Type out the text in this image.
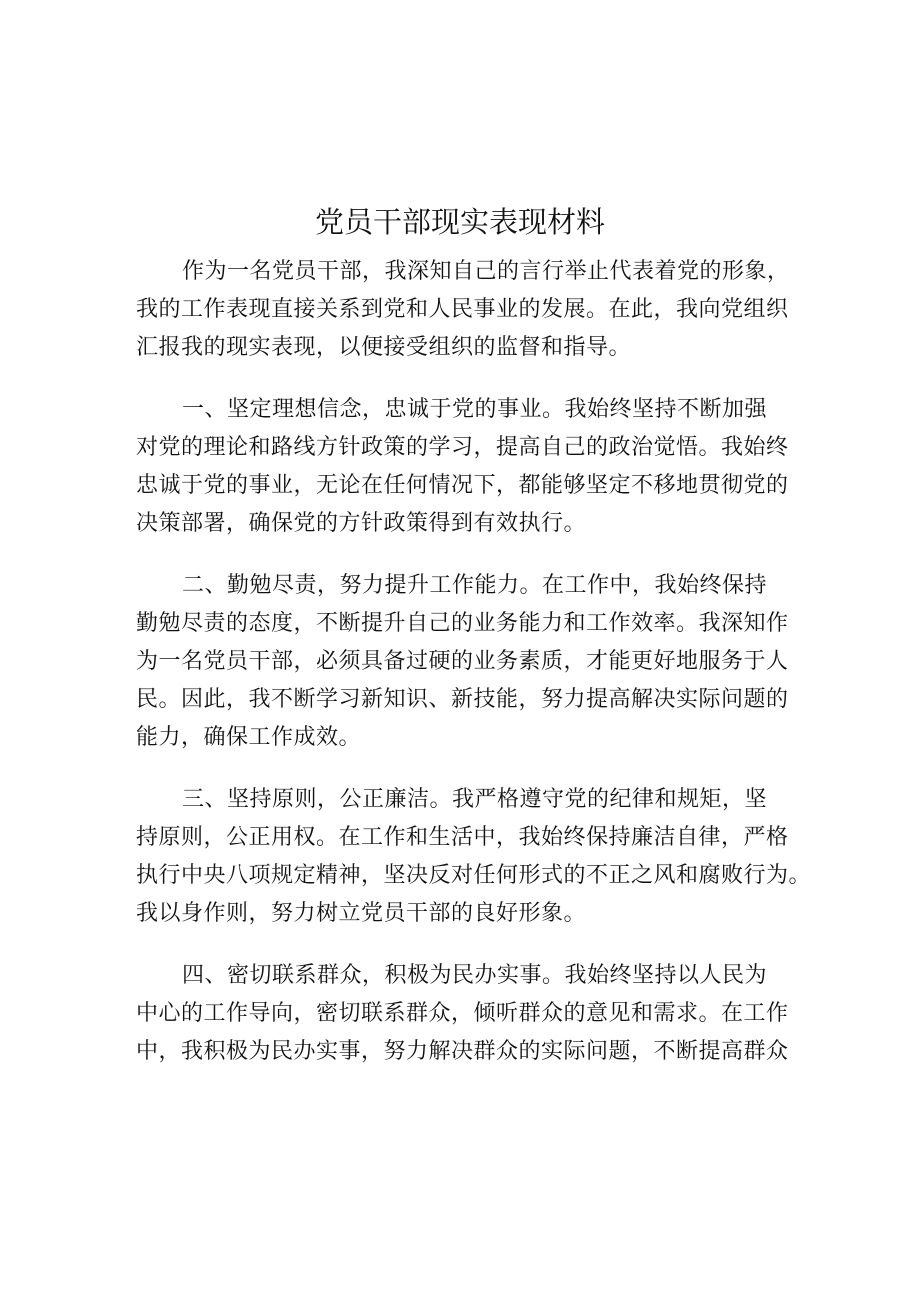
党员干部现实表现材料
作为一名党员干部，我深知自己的言行举止代表着党的形象，
我的工作表现直接关系到党和人民事业的发展。在此，我向党组织
汇报我的现实表现，以便接受组织的监督和指导。
一、坚定理想信念，忠诚于党的事业。我始终坚持不断加强
对党的理论和路线方针政策的学习，提高自己的政治觉悟。我始终
忠诚于党的事业，无论在任何情况下，都能够坚定不移地贯彻党的
决策部署，确保党的方针政策得到有效执行。
二、勤勉尽责，努力提升工作能力。在工作中，我始终保持
勤勉尽责的态度，不断提升自己的业务能力和工作效率。我深知作
为一名党员干部，必须具备过硬的业务素质，才能更好地服务于人
民。因此，我不断学习新知识、新技能，努力提高解决实际问题的
能力，确保工作成效。
三、坚持原则，公正廉洁。我严格遵守党的纪律和规矩，坚
持原则，公正用权。在工作和生活中，我始终保持廉洁自律，严格
执行中央八项规定精神，坚决反对任何形式的不正之风和腐败行为。
我以身作则，努力树立党员干部的良好形象。
四、密切联系群众，积极为民办实事。我始终坚持以人民为
中心的工作导向，密切联系群众，倾听群众的意见和需求。在工作
中，我积极为民办实事，努力解决群众的实际问题，不断提高群众
